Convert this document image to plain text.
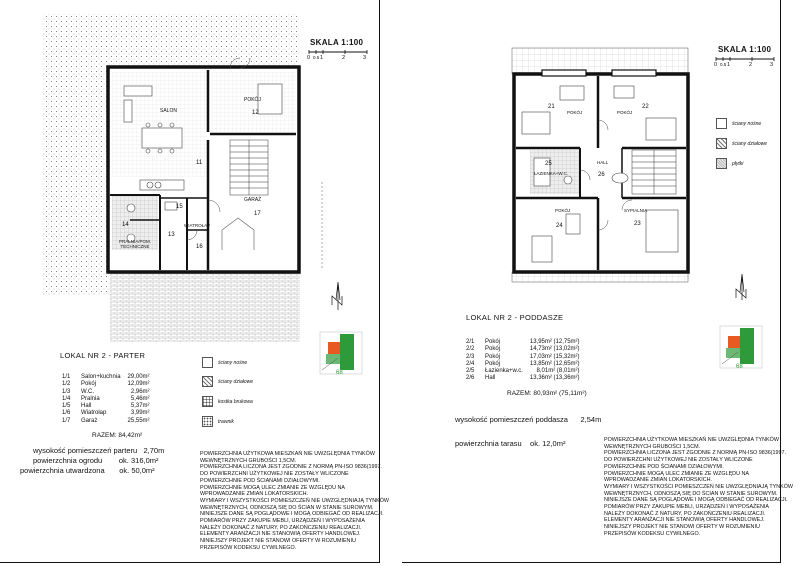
SALON
POKÓJ
GARAŻ
WIATROŁAP
PRALNIA/POM. TECHNICZNE
11
12
13
14
15
16
17
SKALA 1:100
0 0.5 1	2	3
LOKAL NR 2 - PARTER
1/1	Salon+kuchnia	29,00m²
1/2	Pokój	12,09m²
1/3	W.C.	2,96m²
1/4	Pralnia	5,46m²
1/5	Hall	5,37m²
1/6	Wiatrołap	3,99m²
1/7	Garaż	25,55m²
RAZEM: 84,42m²
wysokość pomieszczeń parteru 2,70m
powierzchnia ogrodu ok. 316,0m²
powierzchnia utwardzona ok. 50,0m²
ściany nośne
ściany działowe
kostka brukowa
trawnik
68
POWIERZCHNIA UŻYTKOWA MIESZKAŃ NIE UWZGLĘDNIA TYNKÓW
WEWNĘTRZNYCH GRUBOŚCI 1,5CM.
POWIERZCHNIA LICZONA JEST ZGODNIE Z NORMĄ PN-ISO 9836(1997.
DO POWIERZCHNI UŻYTKOWEJ NIE ZOSTAŁY WLICZONE
POWIERZCHNIE POD ŚCIANAMI DZIAŁOWYMI.
POWIERZCHNIE MOGĄ ULEC ZMIANIE ZE WZGLĘDU NA
WPROWADZANIE ZMIAN LOKATORSKICH.
WYMIARY I WSZYSTKOŚCI POMIESZCZEŃ NIE UWZGLĘDNIAJĄ TYNKÓW
WEWNĘTRZNYCH, ODNOSZĄ SIĘ DO ŚCIAN W STANIE SUROWYM.
NINIEJSZE DANE SĄ POGLĄDOWE I MOGĄ ODBIEGAĆ OD REALIZACJI.
POMIARÓW PRZY ZAKUPIE MEBLI, URZĄDZEŃ I WYPOSAŻENIA
NALEŻY DOKONAĆ Z NATURY, PO ZAKOŃCZENIU REALIZACJI.
ELEMENTY ARANŻACJI NIE STANOWIĄ OFERTY HANDLOWEJ.
NINIEJSZY PROJEKT NIE STANOWI OFERTY W ROZUMIENIU
PRZEPISÓW KODEKSU CYWILNEGO.
POKÓJ	POKÓJ
POKÓJ
HALL
ŁAZIENKA+W.C.
SYPIALNIA
21	22
23
24
25
26
SKALA 1:100
0 0.5 1	2	3
ściany nośne
ściany działowe
płytki
LOKAL NR 2 - PODDASZE
2/1	Pokój	13,95m² (12,75m²)
2/2	Pokój	14,73m² (13,02m²)
2/3	Pokój	17,03m² (15,32m²)
2/4	Pokój	13,85m² (12,65m²)
2/5	Łazienka+w.c.	8,01m² (8,01m²)
2/6	Hall	13,36m² (13,36m²)
RAZEM: 80,93m² (75,11m²)
wysokość pomieszczeń poddasza 2,54m
powierzchnia tarasu ok. 12,0m²
68
POWIERZCHNIA UŻYTKOWA MIESZKAŃ NIE UWZGLĘDNIA TYNKÓW
WEWNĘTRZNYCH GRUBOŚCI 1,5CM.
POWIERZCHNIA LICZONA JEST ZGODNIE Z NORMĄ PN-ISO 9836(1997.
DO POWIERZCHNI UŻYTKOWEJ NIE ZOSTAŁY WLICZONE
POWIERZCHNIE POD ŚCIANAMI DZIAŁOWYMI.
POWIERZCHNIE MOGĄ ULEC ZMIANIE ZE WZGLĘDU NA
WPROWADZANIE ZMIAN LOKATORSKICH.
WYMIARY I WSZYSTKOŚCI POMIESZCZEŃ NIE UWZGLĘDNIAJĄ TYNKÓW
WEWNĘTRZNYCH, ODNOSZĄ SIĘ DO ŚCIAN W STANIE SUROWYM.
NINIEJSZE DANE SĄ POGLĄDOWE I MOGĄ ODBIEGAĆ OD REALIZACJI.
POMIARÓW PRZY ZAKUPIE MEBLI, URZĄDZEŃ I WYPOSAŻENIA
NALEŻY DOKONAĆ Z NATURY, PO ZAKOŃCZENIU REALIZACJI.
ELEMENTY ARANŻACJI NIE STANOWIĄ OFERTY HANDLOWEJ.
NINIEJSZY PROJEKT NIE STANOWI OFERTY W ROZUMIENIU
PRZEPISÓW KODEKSU CYWILNEGO.
